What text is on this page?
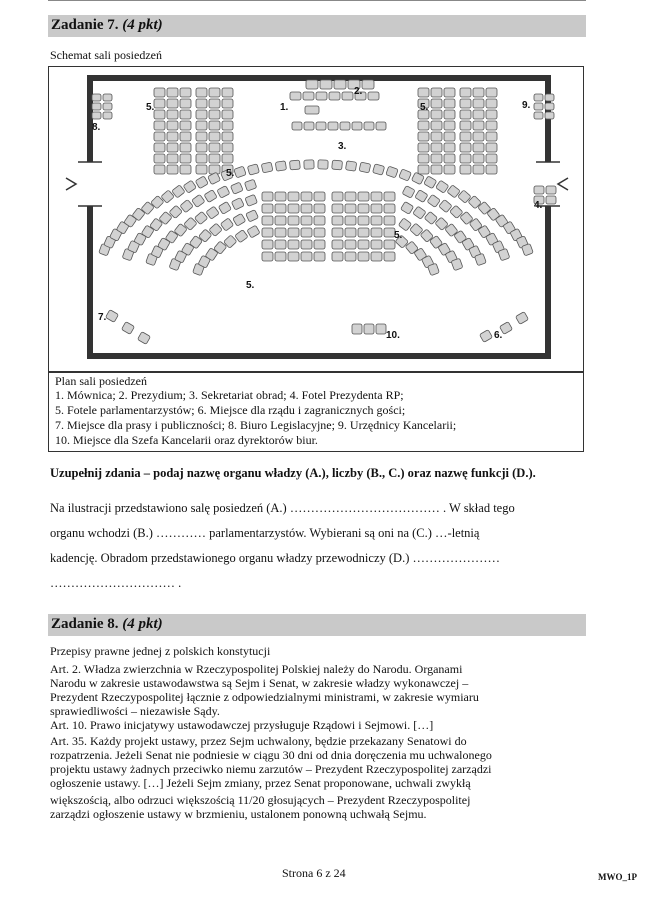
Zadanie 7. (4 pkt)
Schemat sali posiedzeń
1.
2.
3.
4.
5.	5.
5.
5.
5.
6.
7.
8.
9.
10.
Plan sali posiedzeń
1. Mównica; 2. Prezydium; 3. Sekretariat obrad; 4. Fotel Prezydenta RP;
5. Fotele parlamentarzystów; 6. Miejsce dla rządu i zagranicznych gości;
7. Miejsce dla prasy i publiczności; 8. Biuro Legislacyjne; 9. Urzędnicy Kancelarii;
10. Miejsce dla Szefa Kancelarii oraz dyrektorów biur.
Uzupełnij zdania – podaj nazwę organu władzy (A.), liczby (B., C.) oraz nazwę funkcji (D.).
Na ilustracji przedstawiono salę posiedzeń (A.) ……………………………… . W skład tego
organu wchodzi (B.) ………… parlamentarzystów. Wybierani są oni na (C.) …-letnią
kadencję. Obradom przedstawionego organu władzy przewodniczy (D.) …………………
………………………… .
Zadanie 8. (4 pkt)
Przepisy prawne jednej z polskich konstytucji
Art. 2. Władza zwierzchnia w Rzeczypospolitej Polskiej należy do Narodu. Organami
Narodu w zakresie ustawodawstwa są Sejm i Senat, w zakresie władzy wykonawczej –
Prezydent Rzeczypospolitej łącznie z odpowiedzialnymi ministrami, w zakresie wymiaru
sprawiedliwości – niezawisłe Sądy.
Art. 10. Prawo inicjatywy ustawodawczej przysługuje Rządowi i Sejmowi. […]
Art. 35. Każdy projekt ustawy, przez Sejm uchwalony, będzie przekazany Senatowi do
rozpatrzenia. Jeżeli Senat nie podniesie w ciągu 30 dni od dnia doręczenia mu uchwalonego
projektu ustawy żadnych przeciwko niemu zarzutów – Prezydent Rzeczypospolitej zarządzi
ogłoszenie ustawy. […] Jeżeli Sejm zmiany, przez Senat proponowane, uchwali zwykłą
większością, albo odrzuci większością 11/20 głosujących – Prezydent Rzeczypospolitej
zarządzi ogłoszenie ustawy w brzmieniu, ustalonem ponowną uchwałą Sejmu.
Strona 6 z 24	MWO_1P
